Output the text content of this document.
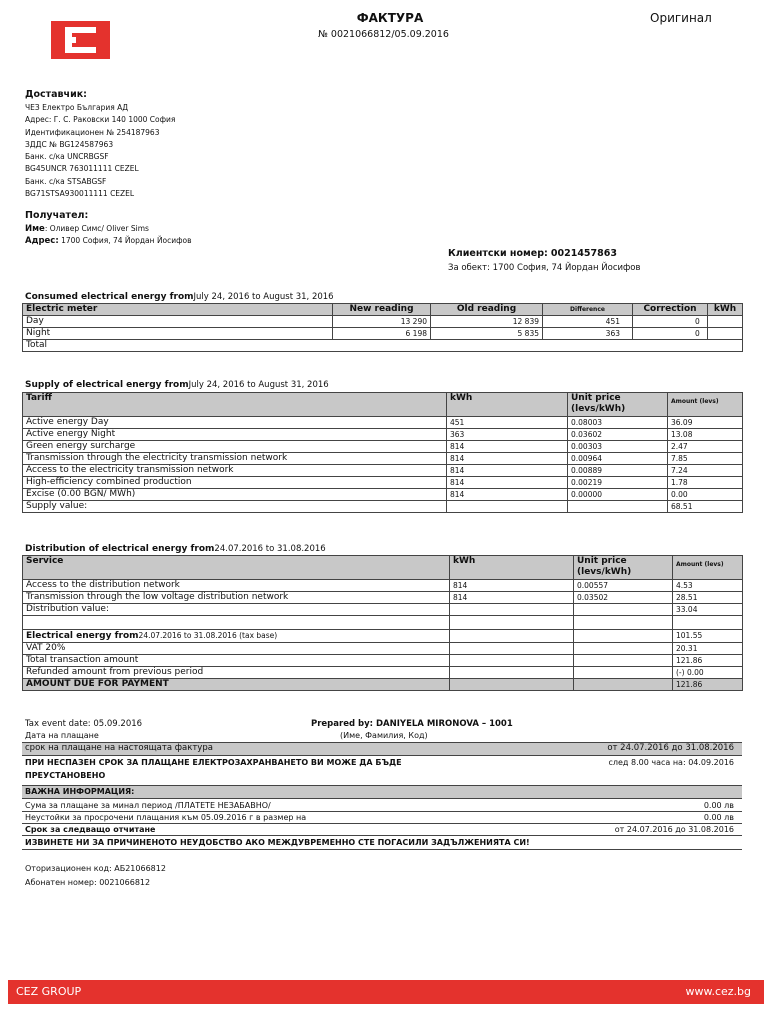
ФАКТУРА	Оригинал
№ 0021066812/05.09.2016
Доставчик:
ЧЕЗ Електро България АД
Адрес: Г. С. Раковски 140 1000 София
Идентификационен № 254187963
ЗДДС № BG124587963
Банк. с/ка UNCRBGSF
BG45UNCR 763011111 CEZEL
Банк. с/ка STSABGSF
BG71STSA930011111 CEZEL
Получател:
Име: Оливер Симс/ Oliver Sims
Адрес: 1700 София, 74 Йордан Йосифов
Клиентски номер: 0021457863
За обект: 1700 София, 74 Йордан Йосифов
Consumed electrical energy fromJuly 24, 2016 to August 31, 2016
Electric meter	New reading	Old reading	Difference	Correction	kWh
Day	13 290	12 839	451	0	
Night	6 198	5 835	363	0	
Total					
Supply of electrical energy fromJuly 24, 2016 to August 31, 2016
Tariff	kWh	Unit price
(levs/kWh)	Amount (levs)
Active energy Day	451	0.08003	36.09
Active energy Night	363	0.03602	13.08
Green energy surcharge	814	0.00303	2.47
Transmission through the electricity transmission network	814	0.00964	7.85
Access to the electricity transmission network	814	0.00889	7.24
High-efficiency combined production	814	0.00219	1.78
Excise (0.00 BGN/ MWh)	814	0.00000	0.00
Supply value:			68.51
Distribution of electrical energy from24.07.2016 to 31.08.2016
Service	kWh	Unit price
(levs/kWh)	Amount (levs)
Access to the distribution network	814	0.00557	4.53
Transmission through the low voltage distribution network	814	0.03502	28.51
Distribution value:			33.04

Electrical energy from24.07.2016 to 31.08.2016 (tax base)			101.55
VAT 20%			20.31
Total transaction amount			121.86
Refunded amount from previous period			(-) 0.00
AMOUNT DUE FOR PAYMENT			121.86
Tax event date: 05.09.2016	Prepared by: DANIYELA MIRONOVA – 1001
Дата на плащане	(Име, Фамилия, Код)
срок на плащане на настоящата фактура	от 24.07.2016 до 31.08.2016
ПРИ НЕСПАЗЕН СРОК ЗА ПЛАЩАНЕ ЕЛЕКТРОЗАХРАНВАНЕТО ВИ МОЖЕ ДА БЪДЕ
ПРЕУСТАНОВЕНО
след 8.00 часа на: 04.09.2016
ВАЖНА ИНФОРМАЦИЯ:
Сума за плащане за минал период /ПЛАТЕТЕ НЕЗАБАВНО/	0.00 лв
Неустойки за просрочени плащания към 05.09.2016 г в размер на	0.00 лв
Срок за следващо отчитане	от 24.07.2016 до 31.08.2016
ИЗВИНЕТЕ НИ ЗА ПРИЧИНЕНОТО НЕУДОБСТВО АКО МЕЖДУВРЕМЕННО СТЕ ПОГАСИЛИ ЗАДЪЛЖЕНИЯТА СИ!
Оторизационен код: АБ21066812
Абонатен номер: 0021066812
CEZ GROUP	www.cez.bg
